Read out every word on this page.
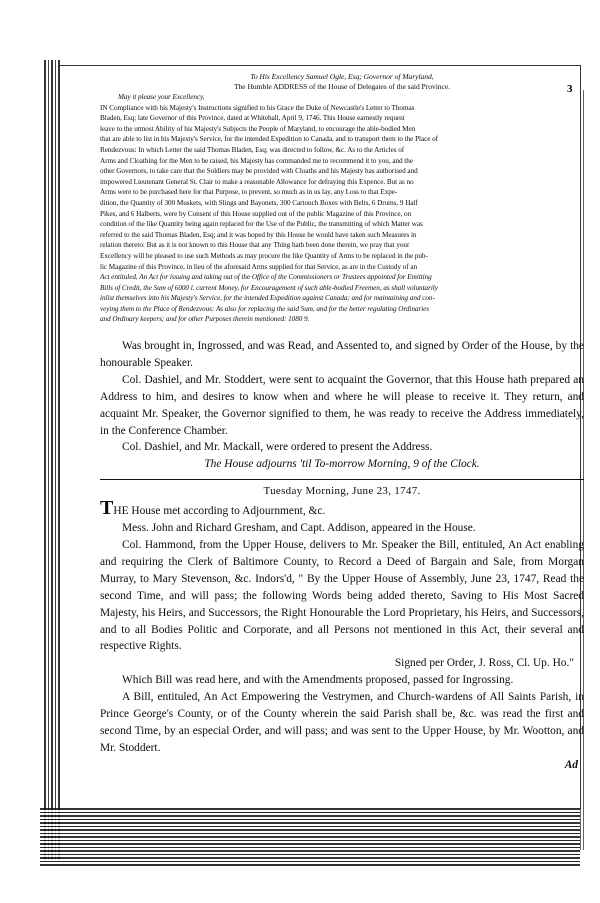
3
To His Excellency Samuel Ogle, Esq; Governor of Maryland,
The Humble ADDRESS of the House of Delegates of the said Province.
May it please your Excellency,

IN Compliance with his Majesty's Instructions signified to his Grace the Duke of Newcastle's Letter to Thomas

Bladen, Esq; late Governor of this Province, dated at Whitehall, April 9, 1746. This House earnestly request

leave to the utmost Ability of his Majesty's Subjects the People of Maryland, to encourage the able-bodied Men

that are able to list in his Majesty's Service, for the intended Expedition to Canada, and to transport them to the Place of

Rendezvous: In which Letter the said Thomas Bladen, Esq; was directed to follow, &c. As to the Articles of

Arms and Cloathing for the Men to be raised, his Majesty has commanded me to recommend it to you, and the

other Governors, to take care that the Soldiers may be provided with Cloaths and his Majesty has authorised and

impowered Lieutenant General St. Clair to make a reasonable Allowance for defraying this Expence. But as no

Arms were to be purchased here for that Purpose, to prevent, so much as in us lay, any Loss to that Expe-

dition, the Quantity of 300 Muskets, with Slings and Bayonets, 300 Cartouch Boxes with Belts, 6 Drums, 9 Half

Pikes, and 6 Halberts, were by Consent of this House supplied out of the public Magazine of this Province, on

condition of the like Quantity being again replaced for the Use of the Public, the transmitting of which Matter was

referred to the said Thomas Bladen, Esq; and it was hoped by this House he would have taken such Measures in

relation thereto: But as it is not known to this House that any Thing hath been done therein, we pray that your

Excellency will be pleased to use such Methods as may procure the like Quantity of Arms to be replaced in the pub-

lic Magazine of this Province, in lieu of the aforesaid Arms supplied for that Service, as are in the Custody of an

Act entituled, An Act for issuing and taking out of the Office of the Commissioners or Trustees appointed for Emitting

Bills of Credit, the Sum of 6000 l. current Money, for Encouragement of such able-bodied Freemen, as shall voluntarily

inlist themselves into his Majesty's Service, for the intended Expedition against Canada; and for maintaining and con-

veying them to the Place of Rendezvous: As also for replacing the said Sum, and for the better regulating Ordinaries

and Ordinary keepers; and for other Purposes therein mentioned: 1080 9.

Was brought in, Ingrossed, and was Read, and Assented to, and signed by Order of the House, by the honourable Speaker.

Col. Dashiel, and Mr. Stoddert, were sent to acquaint the Governor, that this House hath prepared an Address to him, and desires to know when and where he will please to receive it. They return, and acquaint Mr. Speaker, the Governor signified to them, he was ready to receive the Address immediately, in the Conference Chamber.

Col. Dashiel, and Mr. Mackall, were ordered to present the Address.

The House adjourns 'til To-morrow Morning, 9 of the Clock.

Tuesday Morning, June 23, 1747.

THE House met according to Adjournment, &c.

Mess. John and Richard Gresham, and Capt. Addison, appeared in the House.

Col. Hammond, from the Upper House, delivers to Mr. Speaker the Bill, entituled, An Act enabling and requiring the Clerk of Baltimore County, to Record a Deed of Bargain and Sale, from Morgan Murray, to Mary Stevenson, &c. Indors'd, " By the Upper House of Assembly, June 23, 1747, Read the second Time, and will pass; the following Words being added thereto, Saving to His Most Sacred Majesty, his Heirs, and Successors, the Right Honourable the Lord Proprietary, his Heirs, and Successors, and to all Bodies Politic and Corporate, and all Persons not mentioned in this Act, their several and respective Rights.

Signed per Order, J. Ross, Cl. Up. Ho."

Which Bill was read here, and with the Amendments proposed, passed for Ingrossing.

A Bill, entituled, An Act Empowering the Vestrymen, and Church-wardens of All Saints Parish, in Prince George's County, or of the County wherein the said Parish shall be, &c. was read the first and second Time, by an especial Order, and will pass; and was sent to the Upper House, by Mr. Wootton, and Mr. Stoddert.

Ad
